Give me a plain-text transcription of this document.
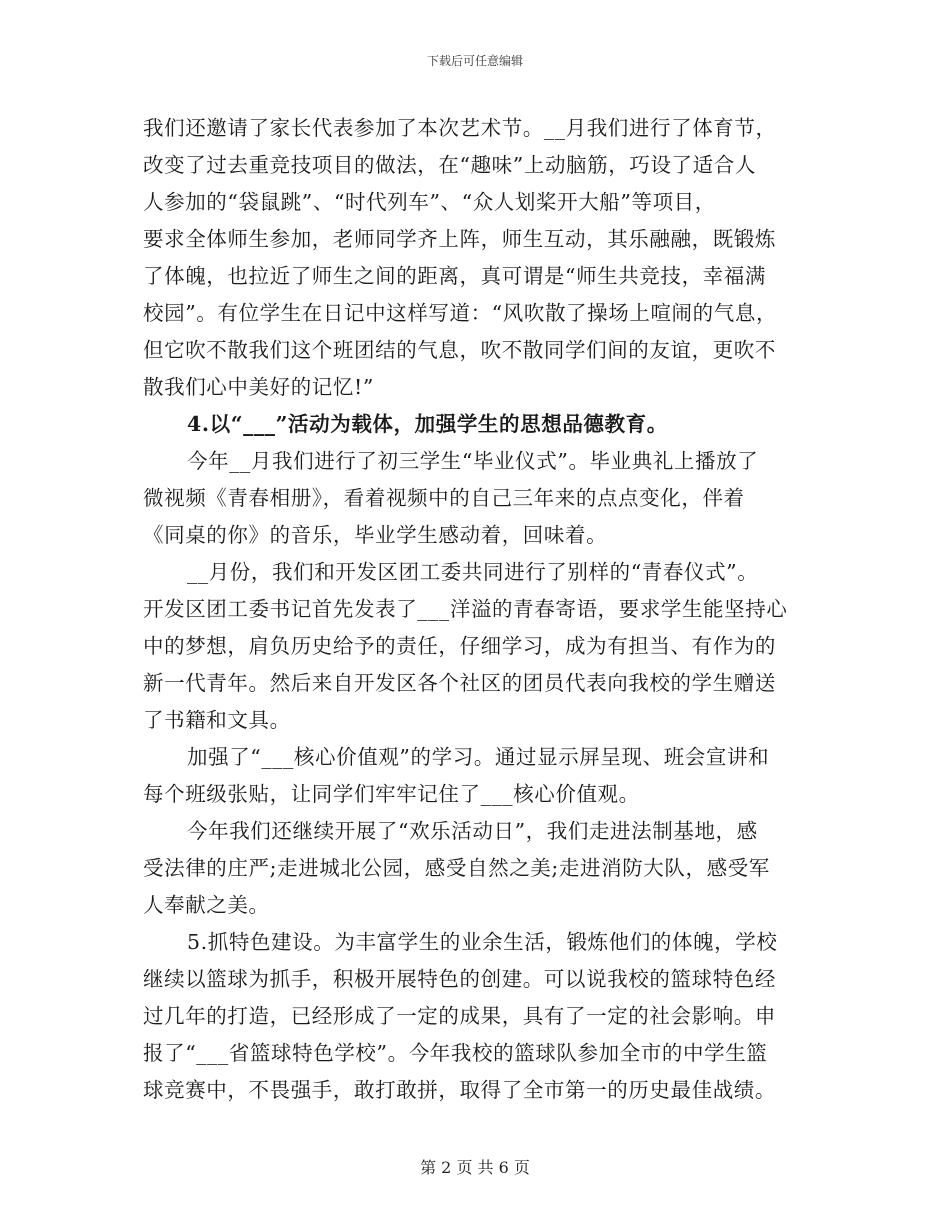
下载后可任意编辑
我们还邀请了家长代表参加了本次艺术节。__月我们进行了体育节，
改变了过去重竞技项目的做法，在“趣味”上动脑筋，巧设了适合人
人参加的“袋鼠跳”、“时代列车”、“众人划桨开大船”等项目，
要求全体师生参加，老师同学齐上阵，师生互动，其乐融融，既锻炼
了体魄，也拉近了师生之间的距离，真可谓是“师生共竞技，幸福满
校园”。有位学生在日记中这样写道：“风吹散了操场上喧闹的气息，
但它吹不散我们这个班团结的气息，吹不散同学们间的友谊，更吹不
散我们心中美好的记忆!”
4.以“___”活动为载体，加强学生的思想品德教育。
今年__月我们进行了初三学生“毕业仪式”。毕业典礼上播放了
微视频《青春相册》，看着视频中的自己三年来的点点变化，伴着
《同桌的你》的音乐，毕业学生感动着，回味着。
__月份，我们和开发区团工委共同进行了别样的“青春仪式”。
开发区团工委书记首先发表了___洋溢的青春寄语，要求学生能坚持心
中的梦想，肩负历史给予的责任，仔细学习，成为有担当、有作为的
新一代青年。然后来自开发区各个社区的团员代表向我校的学生赠送
了书籍和文具。
加强了“___核心价值观”的学习。通过显示屏呈现、班会宣讲和
每个班级张贴，让同学们牢牢记住了___核心价值观。
今年我们还继续开展了“欢乐活动日”，我们走进法制基地，感
受法律的庄严;走进城北公园，感受自然之美;走进消防大队，感受军
人奉献之美。
5.抓特色建设。为丰富学生的业余生活，锻炼他们的体魄，学校
继续以篮球为抓手，积极开展特色的创建。可以说我校的篮球特色经
过几年的打造，已经形成了一定的成果，具有了一定的社会影响。申
报了“___省篮球特色学校”。今年我校的篮球队参加全市的中学生篮
球竞赛中，不畏强手，敢打敢拼，取得了全市第一的历史最佳战绩。
第 2 页 共 6 页
